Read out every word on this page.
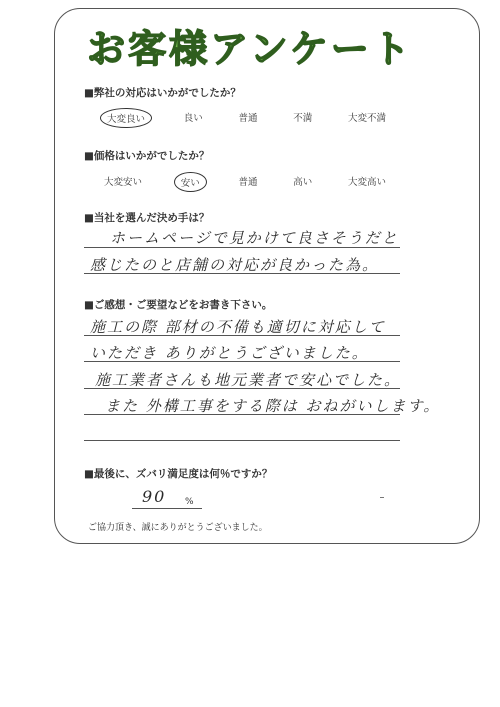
お客様アンケート
■弊社の対応はいかがでしたか？
大変良い	良い	普通	不満	大変不満
■価格はいかがでしたか？
大変安い	安い	普通	高い	大変高い
■当社を選んだ決め手は？
ホームページで見かけて良さそうだと
感じたのと店舗の対応が良かった為。
■ご感想・ご要望などをお書き下さい。
施工の際 部材の不備も適切に対応して
いただき ありがとうございました。
施工業者さんも地元業者で安心でした。
また 外構工事をする際は おねがいします。
■最後に、ズバリ満足度は何％ですか？
90 %
ご協力頂き、誠にありがとうございました。
